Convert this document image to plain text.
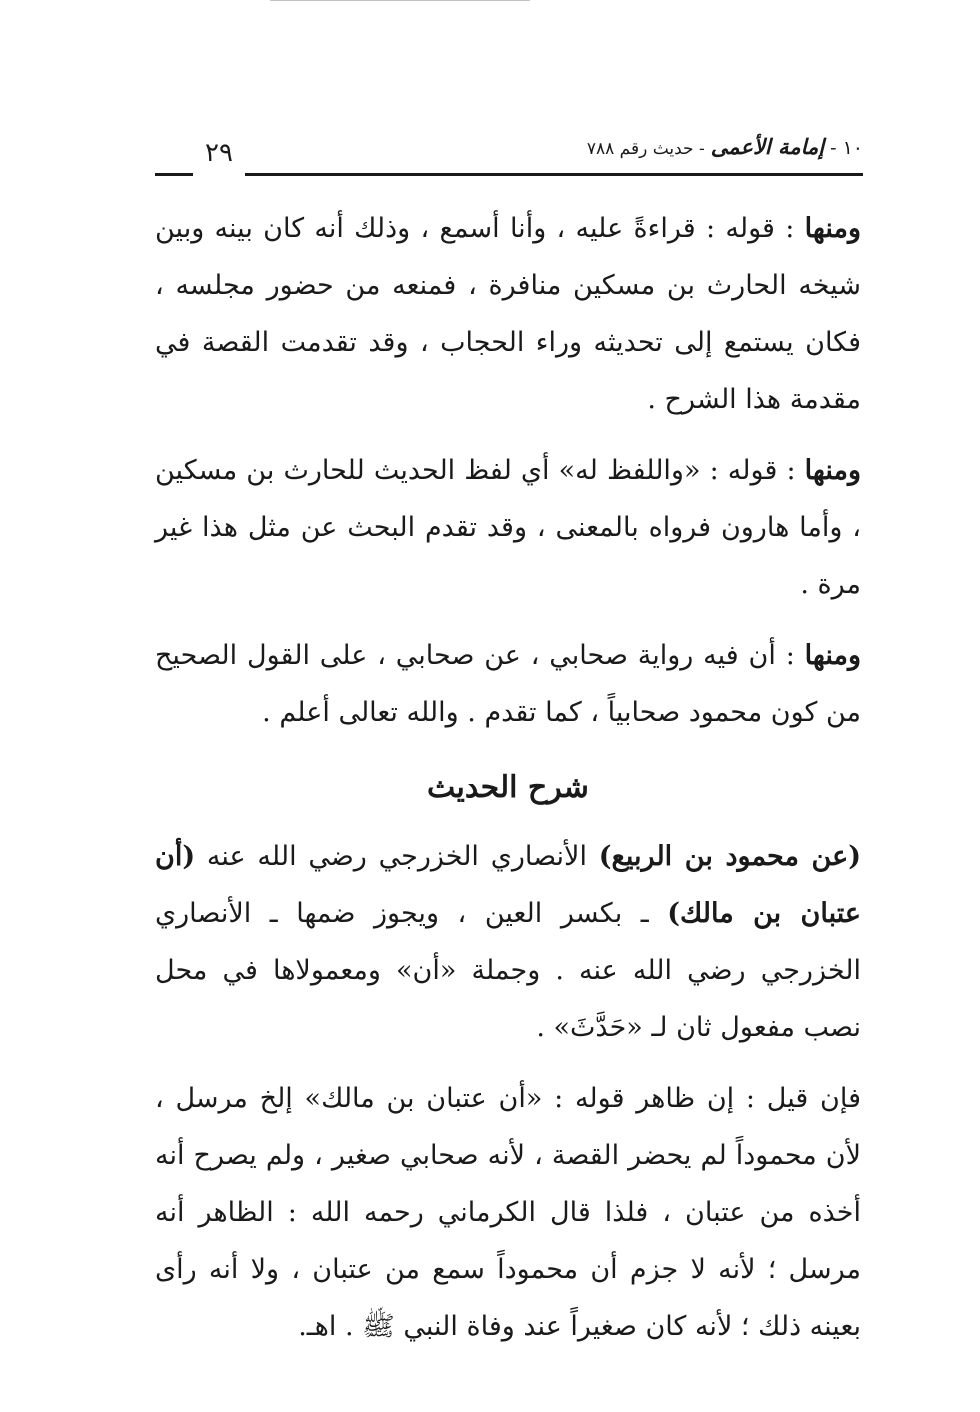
١٠ - إمامة الأعمى - حديث رقم ٧٨٨
٢٩

ومنها : قوله : قراءةً عليه ، وأنا أسمع ، وذلك أنه كان بينه وبين شيخه الحارث بن مسكين منافرة ، فمنعه من حضور مجلسه ، فكان يستمع إلى تحديثه وراء الحجاب ، وقد تقدمت القصة في مقدمة هذا الشرح .

ومنها : قوله : «واللفظ له» أي لفظ الحديث للحارث بن مسكين ، وأما هارون فرواه بالمعنى ، وقد تقدم البحث عن مثل هذا غير مرة .

ومنها : أن فيه رواية صحابي ، عن صحابي ، على القول الصحيح من كون محمود صحابياً ، كما تقدم . والله تعالى أعلم .

شرح الحديث

(عن محمود بن الربيع) الأنصاري الخزرجي رضي الله عنه (أن عتبان بن مالك) ـ بكسر العين ، ويجوز ضمها ـ الأنصاري الخزرجي رضي الله عنه . وجملة «أن» ومعمولاها في محل نصب مفعول ثان لـ «حَدَّثَ» .

فإن قيل : إن ظاهر قوله : «أن عتبان بن مالك» إلخ مرسل ، لأن محموداً لم يحضر القصة ، لأنه صحابي صغير ، ولم يصرح أنه أخذه من عتبان ، فلذا قال الكرماني رحمه الله : الظاهر أنه مرسل ؛ لأنه لا جزم أن محموداً سمع من عتبان ، ولا أنه رأى بعينه ذلك ؛ لأنه كان صغيراً عند وفاة النبي ﷺ . اهـ.
